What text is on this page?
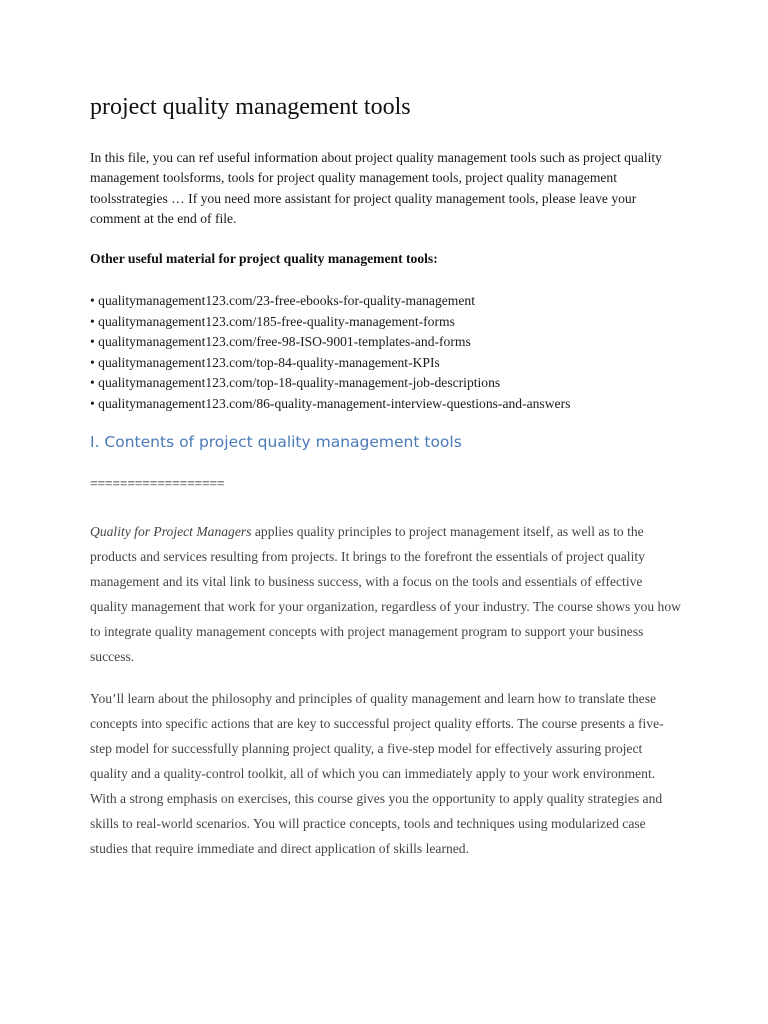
project quality management tools

In this file, you can ref useful information about project quality management tools such as project quality management toolsforms, tools for project quality management tools, project quality management toolsstrategies … If you need more assistant for project quality management tools, please leave your comment at the end of file.

Other useful material for project quality management tools:

• qualitymanagement123.com/23-free-ebooks-for-quality-management
• qualitymanagement123.com/185-free-quality-management-forms
• qualitymanagement123.com/free-98-ISO-9001-templates-and-forms
• qualitymanagement123.com/top-84-quality-management-KPIs
• qualitymanagement123.com/top-18-quality-management-job-descriptions
• qualitymanagement123.com/86-quality-management-interview-questions-and-answers
I. Contents of project quality management tools

==================

Quality for Project Managers applies quality principles to project management itself, as well as to the products and services resulting from projects. It brings to the forefront the essentials of project quality management and its vital link to business success, with a focus on the tools and essentials of effective quality management that work for your organization, regardless of your industry. The course shows you how to integrate quality management concepts with project management program to support your business success.

You’ll learn about the philosophy and principles of quality management and learn how to translate these concepts into specific actions that are key to successful project quality efforts. The course presents a five-step model for successfully planning project quality, a five-step model for effectively assuring project quality and a quality-control toolkit, all of which you can immediately apply to your work environment. With a strong emphasis on exercises, this course gives you the opportunity to apply quality strategies and skills to real-world scenarios. You will practice concepts, tools and techniques using modularized case studies that require immediate and direct application of skills learned.
